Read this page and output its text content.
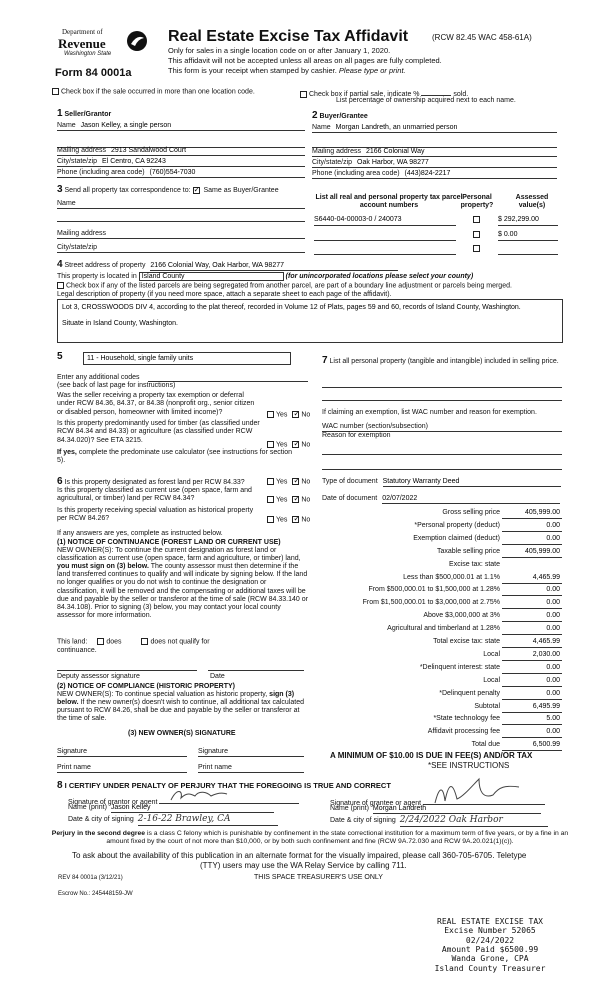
Department of
Revenue
Washington State
Form 84 0001a
Real Estate Excise Tax Affidavit	(RCW 82.45 WAC 458-61A)
Only for sales in a single location code on or after January 1, 2020.
This affidavit will not be accepted unless all areas on all pages are fully completed.
This form is your receipt when stamped by cashier. Please type or print.
Check box if the sale occurred in more than one location code.	Check box if partial sale, indicate %	sold.
List percentage of ownership acquired next to each name.
1 Seller/Grantor
Name Jason Kelley, a single person
Mailing address 2913 Sandalwood Court
City/state/zip El Centro, CA 92243
Phone (including area code) (760)554-7030
2 Buyer/Grantee
Name Morgan Landreth, an unmarried person
Mailing address 2166 Colonial Way
City/state/zip Oak Harbor, WA 98277
Phone (including area code) (443)824-2217
3 Send all property tax correspondence to: ✓ Same as Buyer/Grantee
Name
Mailing address
City/state/zip
List all real and personal property tax parcel account numbers
Personal property?
Assessed value(s)
S6440-04-00003-0 / 240073	$ 292,299.00
$ 0.00
4 Street address of property 2166 Colonial Way, Oak Harbor, WA 98277
This property is located in Island County	(for unincorporated locations please select your county)
Check box if any of the listed parcels are being segregated from another parcel, are part of a boundary line adjustment or parcels being merged.
Legal description of property (if you need more space, attach a separate sheet to each page of the affidavit).
Lot 3, CROSSWOODS DIV 4, according to the plat thereof, recorded in Volume 12 of Plats, pages 59 and 60, records of Island County, Washington.
Situate in Island County, Washington.
5	11 - Household, single family units
Enter any additional codes
(see back of last page for instructions)
Was the seller receiving a property tax exemption or deferral under RCW 84.36, 84.37, or 84.38 (nonprofit org., senior citizen or disabled person, homeowner with limited income)?	Yes ✓ No
Is this property predominantly used for timber (as classified under RCW 84.34 and 84.33) or agriculture (as classified under RCW 84.34.020)? See ETA 3215.
Yes ✓ No
If yes, complete the predominate use calculator (see instructions for section 5).
6 Is this property designated as forest land per RCW 84.33?	Yes ✓ No
Is this property classified as current use (open space, farm and agricultural, or timber) land per RCW 84.34?	Yes ✓ No
Is this property receiving special valuation as historical property per RCW 84.26?	Yes ✓ No
If any answers are yes, complete as instructed below.
(1) NOTICE OF CONTINUANCE (FOREST LAND OR CURRENT USE)
NEW OWNER(S): To continue the current designation as forest land or classification as current use (open space, farm and agriculture, or timber) land, you must sign on (3) below. The county assessor must then determine if the land transferred continues to qualify and will indicate by signing below. If the land no longer qualifies or you do not wish to continue the designation or classification, it will be removed and the compensating or additional taxes will be due and payable by the seller or transferor at the time of sale (RCW 84.33.140 or 84.34.108). Prior to signing (3) below, you may contact your local county assessor for more information.
This land:	does	does not qualify for
continuance.
Deputy assessor signature	Date
(2) NOTICE OF COMPLIANCE (HISTORIC PROPERTY)
NEW OWNER(S): To continue special valuation as historic property, sign (3) below. If the new owner(s) doesn't wish to continue, all additional tax calculated pursuant to RCW 84.26, shall be due and payable by the seller or transferor at the time of sale.
(3) NEW OWNER(S) SIGNATURE
Signature	Signature
Print name	Print name
7 List all personal property (tangible and intangible) included in selling price.
If claiming an exemption, list WAC number and reason for exemption.
WAC number (section/subsection)
Reason for exemption
Type of document Statutory Warranty Deed
Date of document 02/07/2022
Gross selling price	405,999.00
*Personal property (deduct)	0.00
Exemption claimed (deduct)	0.00
Taxable selling price	405,999.00
Excise tax: state
Less than $500,000.01 at 1.1%	4,465.99
From $500,000.01 to $1,500,000 at 1.28%	0.00
From $1,500,000.01 to $3,000,000 at 2.75%	0.00
Above $3,000,000 at 3%	0.00
Agricultural and timberland at 1.28%	0.00
Total excise tax: state	4,465.99
Local	2,030.00
*Delinquent interest: state	0.00
Local	0.00
*Delinquent penalty	0.00
Subtotal	6,495.99
*State technology fee	5.00
Affidavit processing fee	0.00
Total due	6,500.99
A MINIMUM OF $10.00 IS DUE IN FEE(S) AND/OR TAX
*SEE INSTRUCTIONS
8 I CERTIFY UNDER PENALTY OF PERJURY THAT THE FOREGOING IS TRUE AND CORRECT
Signature of grantor or agent
Name (print) Jason Kelley
Date & city of signing 2-16-22 Brawley, CA
Signature of grantee or agent
Name (print) Morgan Landreth
Date & city of signing 2/24/2022 Oak Harbor
Perjury in the second degree is a class C felony which is punishable by confinement in the state correctional institution for a maximum term of five years, or by a fine in an amount fixed by the court of not more than $10,000, or by both such confinement and fine (RCW 9A.72.030 and RCW 9A.20.021(1)(c)).
To ask about the availability of this publication in an alternate format for the visually impaired, please call 360-705-6705. Teletype
(TTY) users may use the WA Relay Service by calling 711.
REV 84 0001a (3/12/21)	THIS SPACE TREASURER'S USE ONLY
Escrow No.: 245448159-JW
REAL ESTATE EXCISE TAX
Excise Number 52065
02/24/2022
Amount Paid $6500.99
Wanda Grone, CPA
Island County Treasurer
